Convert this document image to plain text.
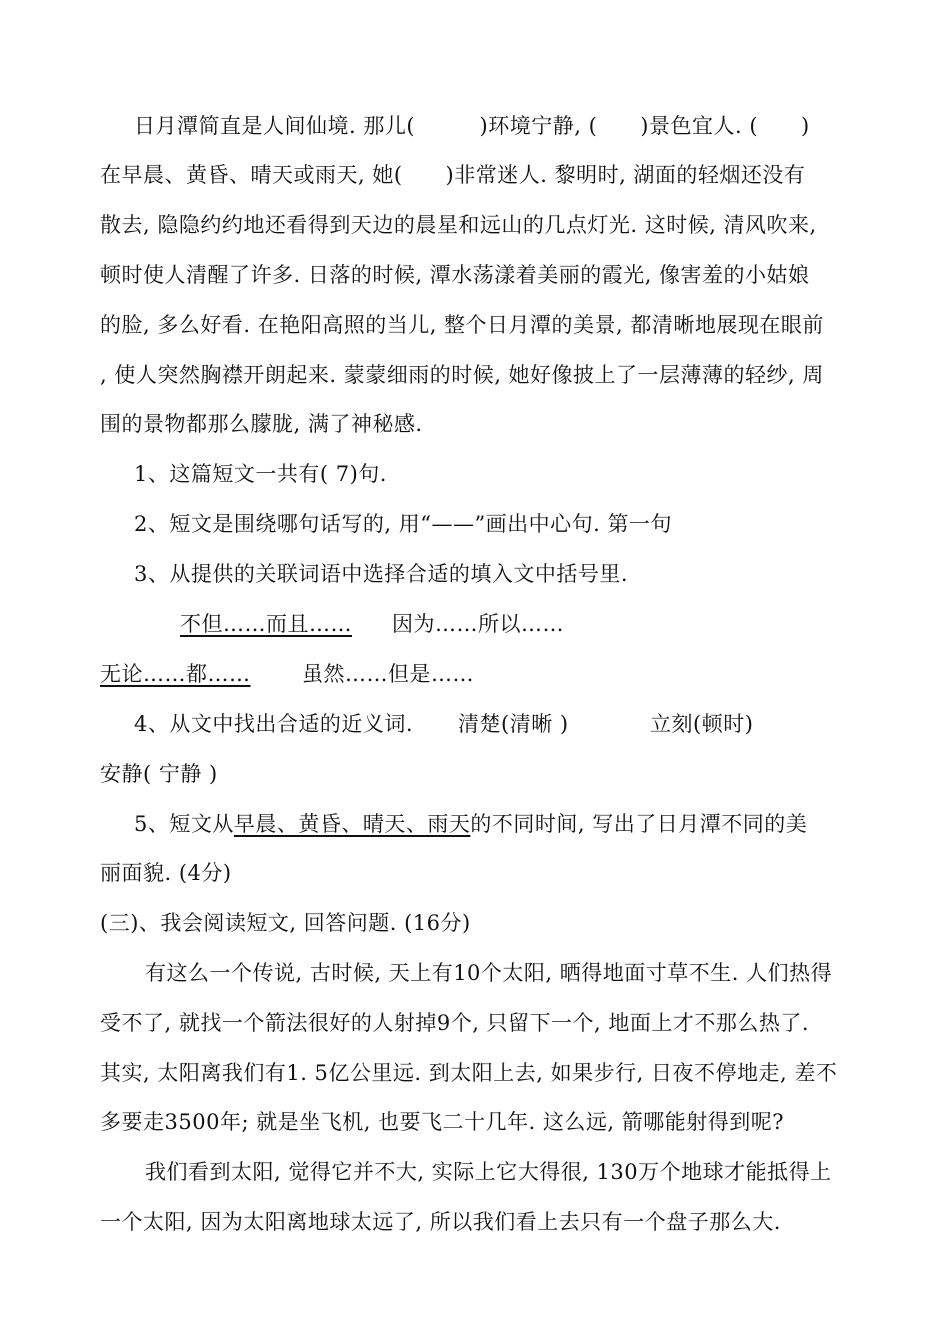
日月潭简直是人间仙境. 那儿(　　　)环境宁静, (　　)景色宜人. (　　)
在早晨、黄昏、晴天或雨天, 她(　　)非常迷人. 黎明时, 湖面的轻烟还没有
散去, 隐隐约约地还看得到天边的晨星和远山的几点灯光. 这时候, 清风吹来,
顿时使人清醒了许多. 日落的时候, 潭水荡漾着美丽的霞光, 像害羞的小姑娘
的脸, 多么好看. 在艳阳高照的当儿, 整个日月潭的美景, 都清晰地展现在眼前
, 使人突然胸襟开朗起来. 蒙蒙细雨的时候, 她好像披上了一层薄薄的轻纱, 周
围的景物都那么朦胧, 满了神秘感.
1、这篇短文一共有( 7)句.
2、短文是围绕哪句话写的, 用“——”画出中心句. 第一句
3、从提供的关联词语中选择合适的填入文中括号里.
不但……而且……	因为……所以……
无论……都……	虽然……但是……
4、从文中找出合适的近义词.	清楚(清晰 )	立刻(顿时)
安静( 宁静 )
5、短文从早晨、黄昏、晴天、雨天的不同时间, 写出了日月潭不同的美
丽面貌. (4分)
(三)、我会阅读短文, 回答问题. (16分)
有这么一个传说, 古时候, 天上有10个太阳, 晒得地面寸草不生. 人们热得
受不了, 就找一个箭法很好的人射掉9个, 只留下一个, 地面上才不那么热了.
其实, 太阳离我们有1. 5亿公里远. 到太阳上去, 如果步行, 日夜不停地走, 差不
多要走3500年; 就是坐飞机, 也要飞二十几年. 这么远, 箭哪能射得到呢?
我们看到太阳, 觉得它并不大, 实际上它大得很, 130万个地球才能抵得上
一个太阳, 因为太阳离地球太远了, 所以我们看上去只有一个盘子那么大.
